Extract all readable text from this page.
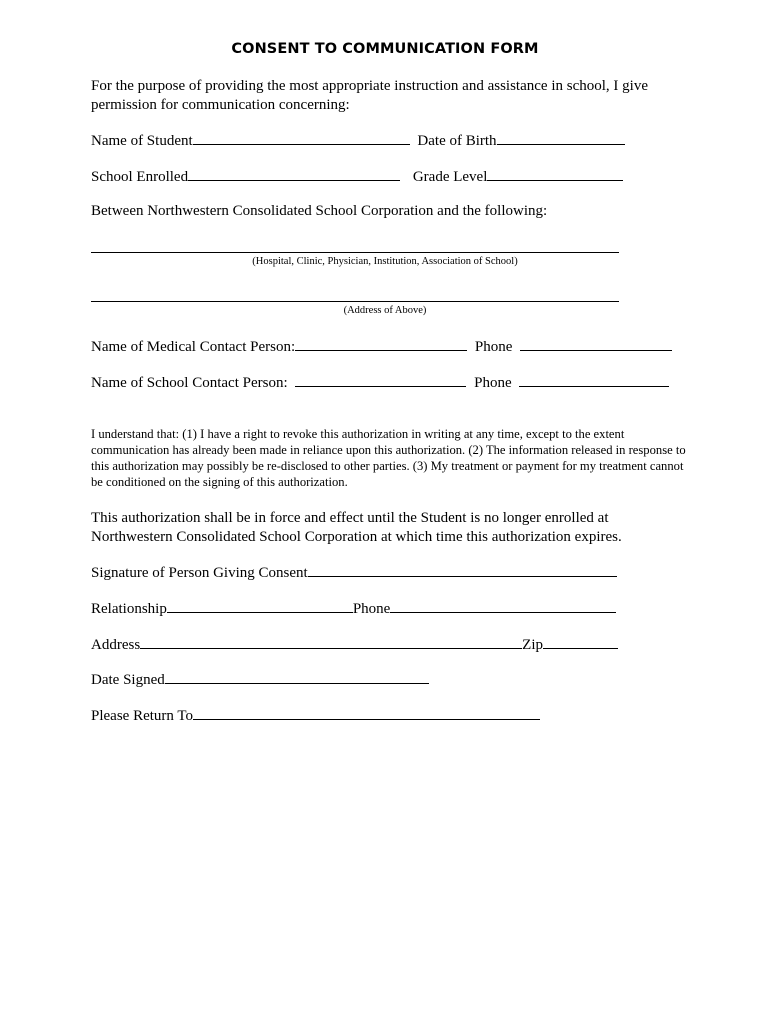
CONSENT TO COMMUNICATION FORM
For the purpose of providing the most appropriate instruction and assistance in school, I give permission for communication concerning:
Name of Student	Date of Birth
School Enrolled	Grade Level
Between Northwestern Consolidated School Corporation and the following:
(Hospital, Clinic, Physician, Institution, Association of School)
(Address of Above)
Name of Medical Contact Person:	Phone
Name of School Contact Person:	Phone
I understand that: (1) I have a right to revoke this authorization in writing at any time, except to the extent communication has already been made in reliance upon this authorization. (2) The information released in response to this authorization may possibly be re-disclosed to other parties. (3) My treatment or payment for my treatment cannot be conditioned on the signing of this authorization.
This authorization shall be in force and effect until the Student is no longer enrolled at Northwestern Consolidated School Corporation at which time this authorization expires.
Signature of Person Giving Consent
Relationship	Phone
Address	Zip
Date Signed
Please Return To
